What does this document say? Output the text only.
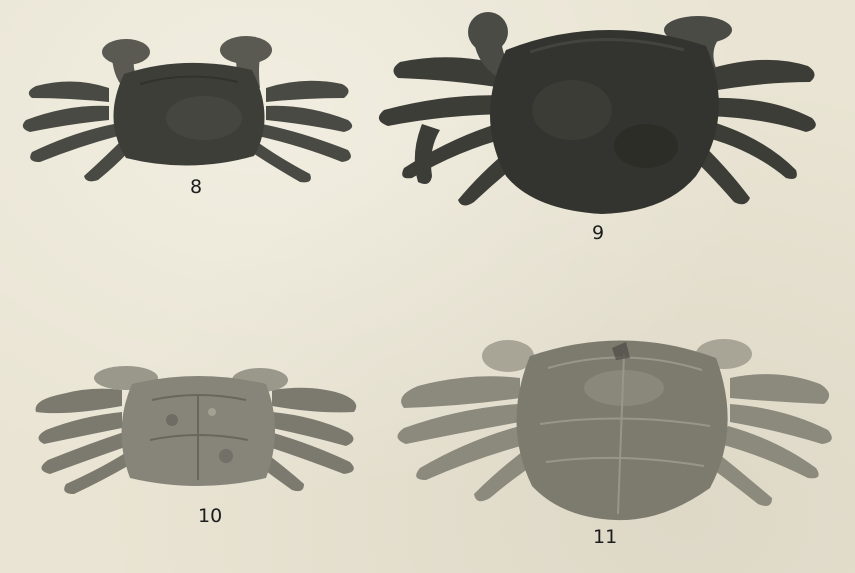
8
9
10
11
